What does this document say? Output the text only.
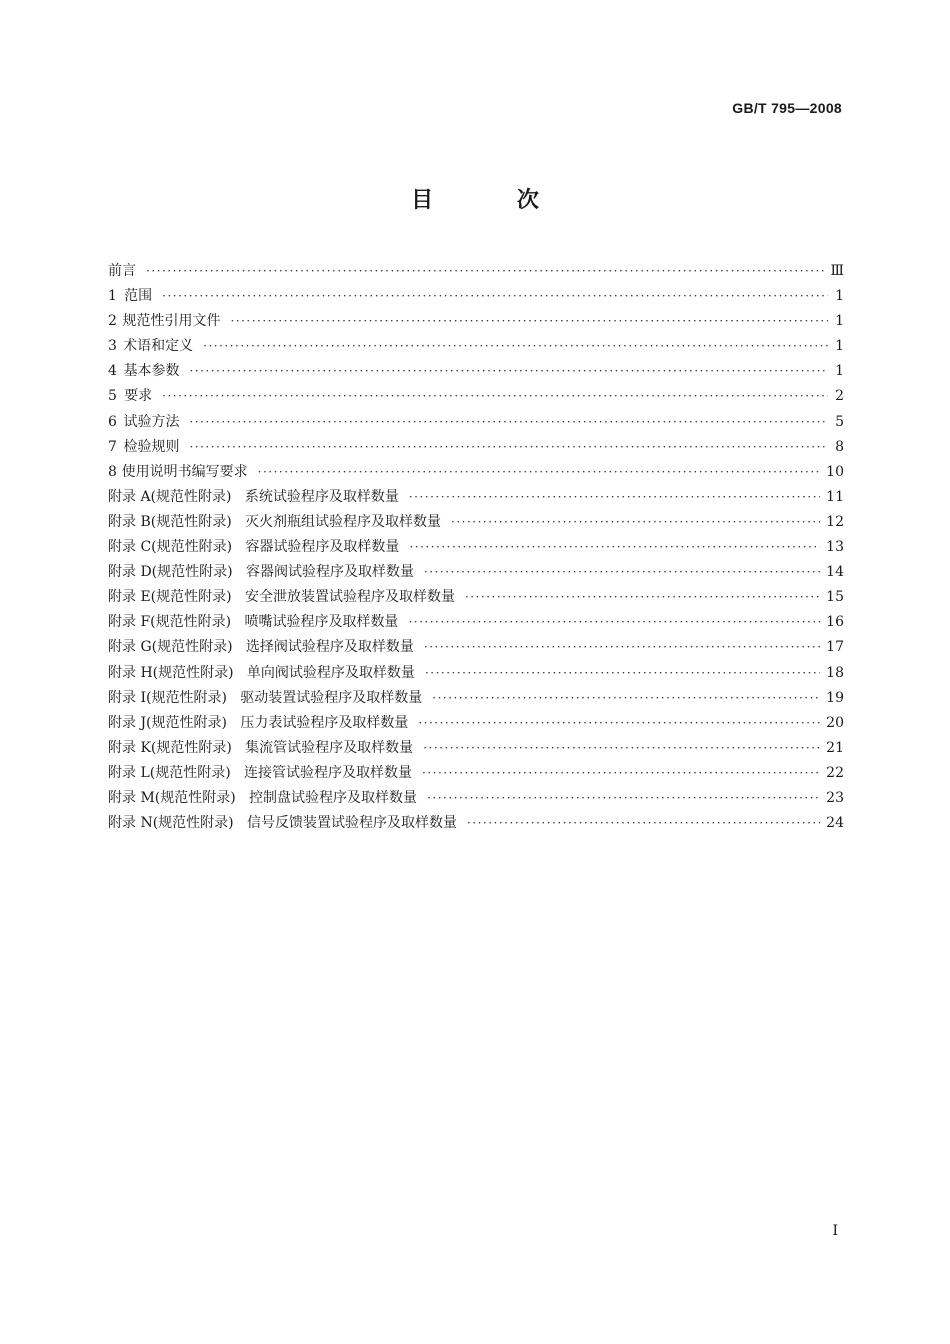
GB/T 795—2008
目 次
前言 ·····	Ⅲ
1 范围 ·····	1
2 规范性引用文件 ·····	1
3 术语和定义 ·····	1
4 基本参数 ·····	1
5 要求 ·····	2
6 试验方法 ·····	5
7 检验规则 ·····	8
8 使用说明书编写要求 ·····	10
附录 A(规范性附录)   系统试验程序及取样数量 ·····	11
附录 B(规范性附录)   灭火剂瓶组试验程序及取样数量 ·····	12
附录 C(规范性附录)   容器试验程序及取样数量 ·····	13
附录 D(规范性附录)   容器阀试验程序及取样数量 ·····	14
附录 E(规范性附录)   安全泄放装置试验程序及取样数量 ·····	15
附录 F(规范性附录)   喷嘴试验程序及取样数量 ·····	16
附录 G(规范性附录)   选择阀试验程序及取样数量 ·····	17
附录 H(规范性附录)   单向阀试验程序及取样数量 ·····	18
附录 I(规范性附录)   驱动装置试验程序及取样数量 ·····	19
附录 J(规范性附录)   压力表试验程序及取样数量 ·····	20
附录 K(规范性附录)   集流管试验程序及取样数量 ·····	21
附录 L(规范性附录)   连接管试验程序及取样数量 ·····	22
附录 M(规范性附录)   控制盘试验程序及取样数量 ·····	23
附录 N(规范性附录)   信号反馈装置试验程序及取样数量 ·····	24
I
